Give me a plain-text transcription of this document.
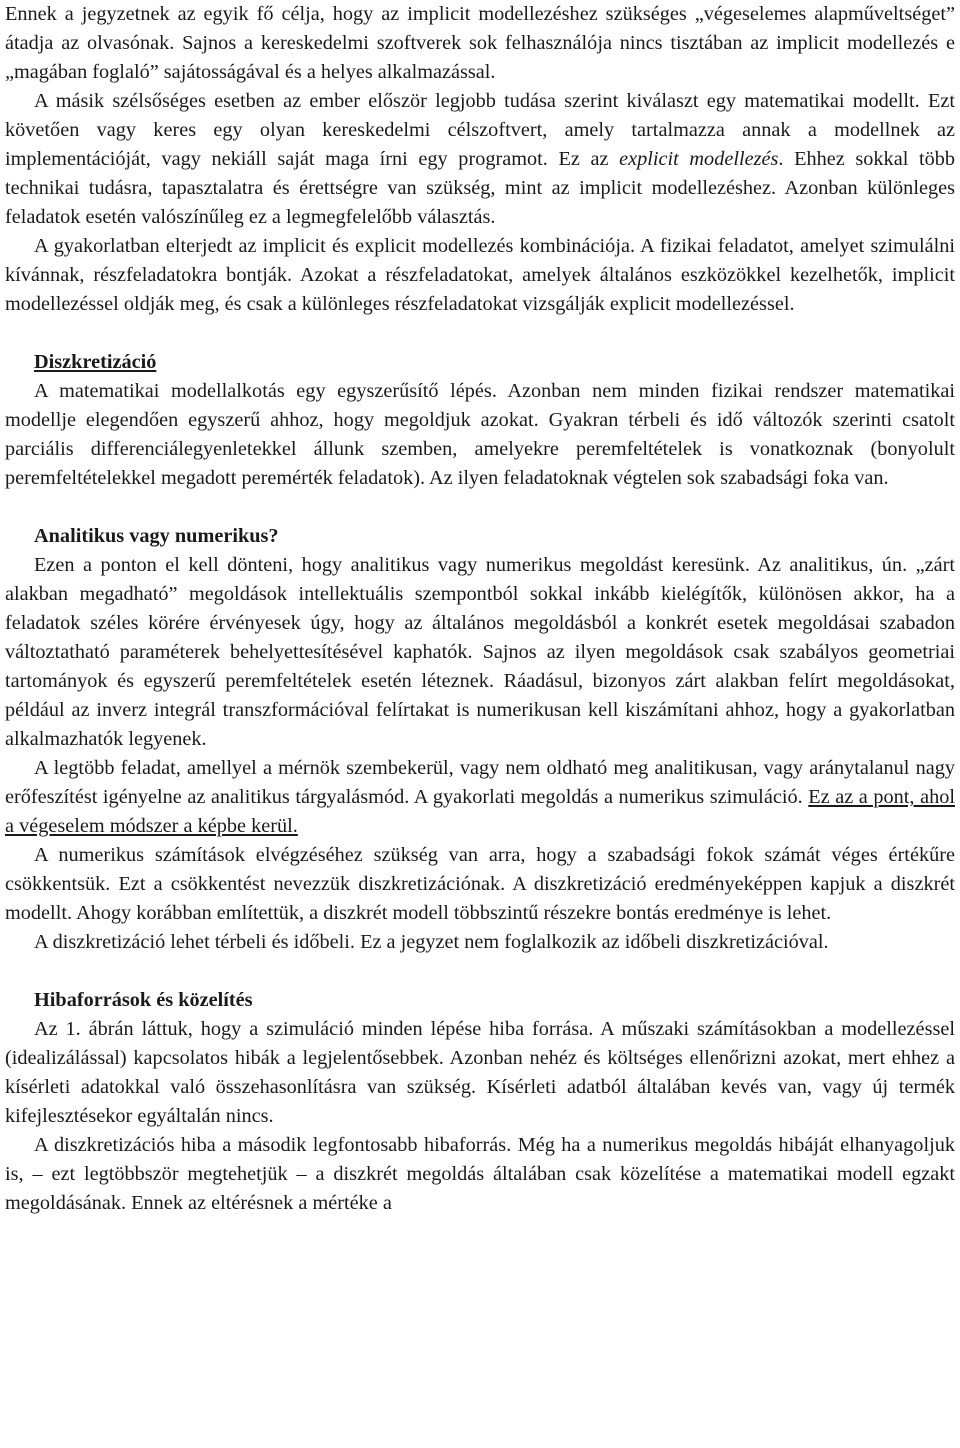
Ennek a jegyzetnek az egyik fő célja, hogy az implicit modellezéshez szükséges „végeselemes alapműveltséget” átadja az olvasónak. Sajnos a kereskedelmi szoftverek sok felhasználója nincs tisztában az implicit modellezés e „magában foglaló” sajátosságával és a helyes alkalmazással.

A másik szélsőséges esetben az ember először legjobb tudása szerint kiválaszt egy matematikai modellt. Ezt követően vagy keres egy olyan kereskedelmi célszoftvert, amely tartalmazza annak a modellnek az implementációját, vagy nekiáll saját maga írni egy programot. Ez az explicit modellezés. Ehhez sokkal több technikai tudásra, tapasztalatra és érettségre van szükség, mint az implicit modellezéshez. Azonban különleges feladatok esetén valószínűleg ez a legmegfelelőbb választás.

A gyakorlatban elterjedt az implicit és explicit modellezés kombinációja. A fizikai feladatot, amelyet szimulálni kívánnak, részfeladatokra bontják. Azokat a részfeladatokat, amelyek általános eszközökkel kezelhetők, implicit modellezéssel oldják meg, és csak a különleges részfeladatokat vizsgálják explicit modellezéssel.

Diszkretizáció

A matematikai modellalkotás egy egyszerűsítő lépés. Azonban nem minden fizikai rendszer matematikai modellje elegendően egyszerű ahhoz, hogy megoldjuk azokat. Gyakran térbeli és idő változók szerinti csatolt parciális differenciálegyenletekkel állunk szemben, amelyekre peremfeltételek is vonatkoznak (bonyolult peremfeltételekkel megadott peremérték feladatok). Az ilyen feladatoknak végtelen sok szabadsági foka van.

Analitikus vagy numerikus?

Ezen a ponton el kell dönteni, hogy analitikus vagy numerikus megoldást keresünk. Az analitikus, ún. „zárt alakban megadható” megoldások intellektuális szempontból sokkal inkább kielégítők, különösen akkor, ha a feladatok széles körére érvényesek úgy, hogy az általános megoldásból a konkrét esetek megoldásai szabadon változtatható paraméterek behelyettesítésével kaphatók. Sajnos az ilyen megoldások csak szabályos geometriai tartományok és egyszerű peremfeltételek esetén léteznek. Ráadásul, bizonyos zárt alakban felírt megoldásokat, például az inverz integrál transzformációval felírtakat is numerikusan kell kiszámítani ahhoz, hogy a gyakorlatban alkalmazhatók legyenek.

A legtöbb feladat, amellyel a mérnök szembekerül, vagy nem oldható meg analitikusan, vagy aránytalanul nagy erőfeszítést igényelne az analitikus tárgyalásmód. A gyakorlati megoldás a numerikus szimuláció. Ez az a pont, ahol a végeselem módszer a képbe kerül.

A numerikus számítások elvégzéséhez szükség van arra, hogy a szabadsági fokok számát véges értékűre csökkentsük. Ezt a csökkentést nevezzük diszkretizációnak. A diszkretizáció eredményeképpen kapjuk a diszkrét modellt. Ahogy korábban említettük, a diszkrét modell többszintű részekre bontás eredménye is lehet.

A diszkretizáció lehet térbeli és időbeli. Ez a jegyzet nem foglalkozik az időbeli diszkretizációval.

Hibaforrások és közelítés

Az 1. ábrán láttuk, hogy a szimuláció minden lépése hiba forrása. A műszaki számításokban a modellezéssel (idealizálással) kapcsolatos hibák a legjelentősebbek. Azonban nehéz és költséges ellenőrizni azokat, mert ehhez a kísérleti adatokkal való összehasonlításra van szükség. Kísérleti adatból általában kevés van, vagy új termék kifejlesztésekor egyáltalán nincs.

A diszkretizációs hiba a második legfontosabb hibaforrás. Még ha a numerikus megoldás hibáját elhanyagoljuk is, – ezt legtöbbször megtehetjük – a diszkrét megoldás általában csak közelítése a matematikai modell egzakt megoldásának. Ennek az eltérésnek a mértéke a
